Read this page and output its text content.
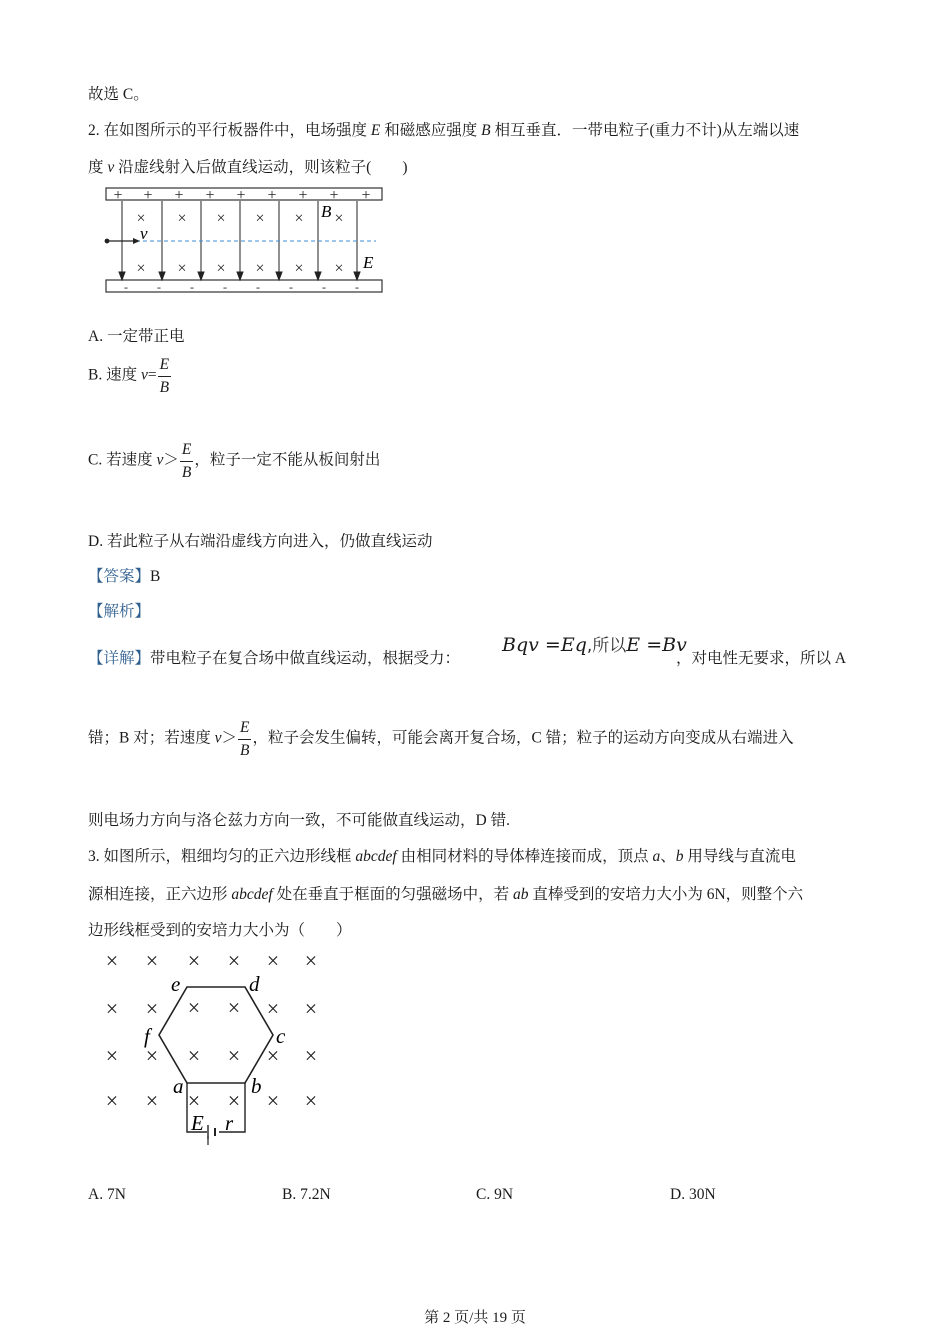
故选 C。
2. 在如图所示的平行板器件中，电场强度 E 和磁感应强度 B 相互垂直．一带电粒子(重力不计)从左端以速
度 v 沿虚线射入后做直线运动，则该粒子(　　)
+ + + + + + + + +
- - - - - - - -
×
×
×
×
×
×
×
×
×
×
×
×
v
B
E
A. 一定带正电
B. 速度 $v= \frac{E}{B}$
C. 若速度 $v> \frac{E}{B}$ ，粒子一定不能从板间射出
D. 若此粒子从右端沿虚线方向进入，仍做直线运动
【答案】B
【解析】
【详解】带电粒子在复合场中做直线运动，根据受力：
Bqv =Eq,所以E =Bv
，对电性无要求，所以 A
错；B 对；若速度 $v> \frac{E}{B}$ ，粒子会发生偏转，可能会离开复合场，C 错；粒子的运动方向变成从右端进入
则电场力方向与洛仑兹力方向一致，不可能做直线运动，D 错.
3. 如图所示，粗细均匀的正六边形线框 abcdef 由相同材料的导体棒连接而成，顶点 a、b 用导线与直流电
源相连接，正六边形 abcdef 处在垂直于框面的匀强磁场中，若 ab 直棒受到的安培力大小为 6N，则整个六
边形线框受到的安培力大小为（　　）
× × × × × ×
× ×	× ×
× × × × × ×
× × × × × ×
× ×
e	d
f	c
a	b
E r
A. 7N	B. 7.2N	C. 9N	D. 30N
第 2 页/共 19 页
